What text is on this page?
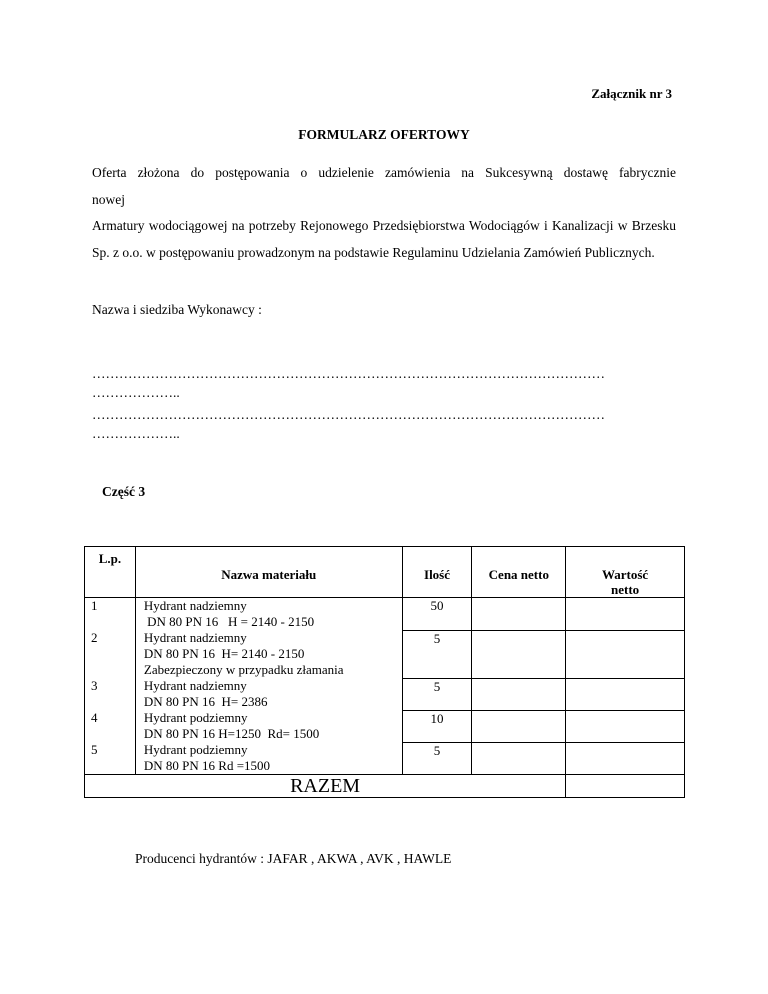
Załącznik nr 3
FORMULARZ OFERTOWY

Oferta złożona do postępowania o udzielenie zamówienia na Sukcesywną dostawę fabrycznie

nowej

Armatury wodociągowej na potrzeby Rejonowego Przedsiębiorstwa Wodociągów i Kanalizacji w Brzesku Sp. z o.o. w postępowaniu prowadzonym na podstawie Regulaminu Udzielania Zamówień Publicznych.

Nazwa i siedziba Wykonawcy :
……………………………………………………………………………………………………
………………..
……………………………………………………………………………………………………
………………..
Część 3
L.p.	Nazwa materiału	Ilość	Cena netto	Wartość
netto
1	Hydrant nadziemny
DN 80 PN 16   H = 2140 - 2150	50		
2	Hydrant nadziemny
DN 80 PN 16  H= 2140 - 2150
Zabezpieczony w przypadku złamania	5		
3	Hydrant nadziemny
DN 80 PN 16  H= 2386	5		
4	Hydrant podziemny
DN 80 PN 16 H=1250  Rd= 1500	10		
5	Hydrant podziemny
DN 80 PN 16 Rd =1500	5		
RAZEM				
Producenci hydrantów : JAFAR , AKWA , AVK , HAWLE
